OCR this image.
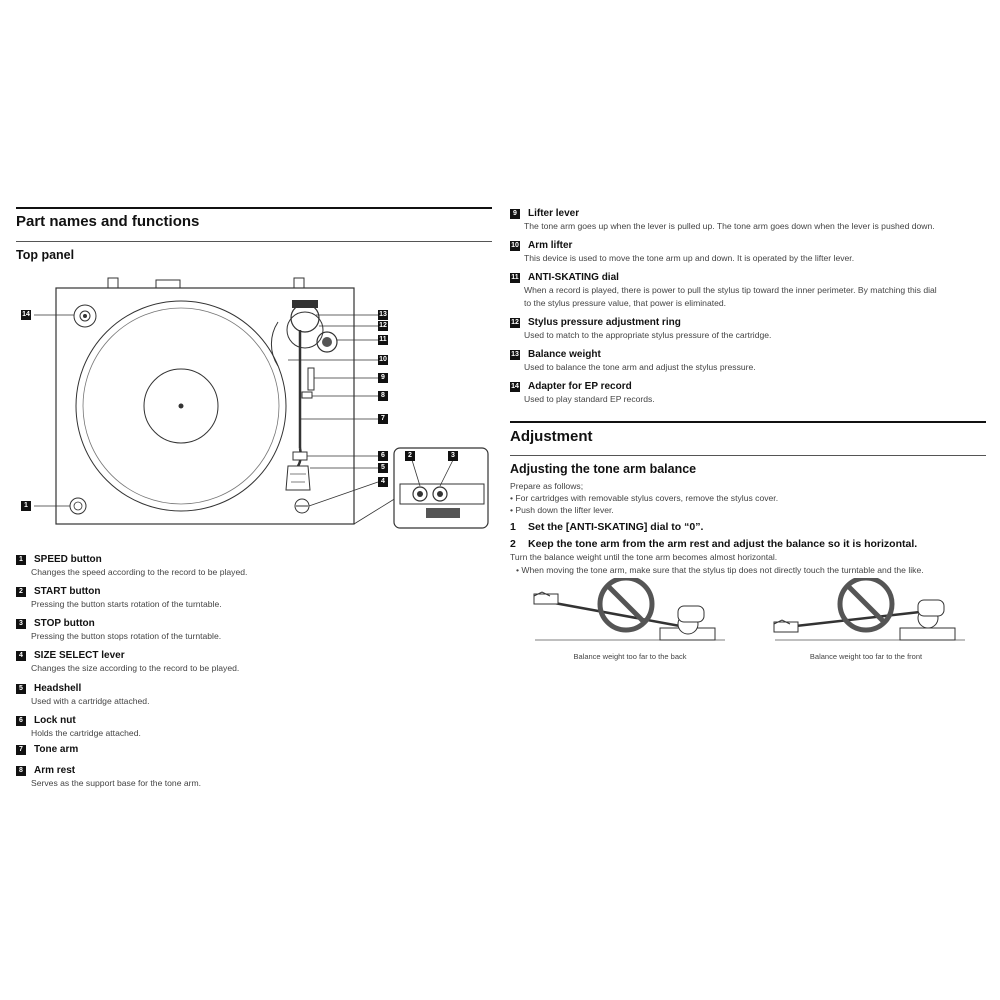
Part names and functions
Top panel
14
1
13
12
11
10
9
8
7
6
5
4
2	3
1	SPEED button
Changes the speed according to the record to be played.
2	START button
Pressing the button starts rotation of the turntable.
3	STOP button
Pressing the button stops rotation of the turntable.
4	SIZE SELECT lever
Changes the size according to the record to be played.
5	Headshell
Used with a cartridge attached.
6	Lock nut
Holds the cartridge attached.
7	Tone arm
8	Arm rest
Serves as the support base for the tone arm.
9	Lifter lever
The tone arm goes up when the lever is pulled up. The tone arm goes down when the lever is pushed down.
10 Arm lifter
This device is used to move the tone arm up and down. It is operated by the lifter lever.
11 ANTI-SKATING dial
When a record is played, there is power to pull the stylus tip toward the inner perimeter. By matching this dial
to the stylus pressure value, that power is eliminated.
12 Stylus pressure adjustment ring
Used to match to the appropriate stylus pressure of the cartridge.
13 Balance weight
Used to balance the tone arm and adjust the stylus pressure.
14 Adapter for EP record
Used to play standard EP records.
Adjustment
Adjusting the tone arm balance
Prepare as follows;
• For cartridges with removable stylus covers, remove the stylus cover.
• Push down the lifter lever.
1 Set the [ANTI-SKATING] dial to “0”.
2 Keep the tone arm from the arm rest and adjust the balance so it is horizontal.
Turn the balance weight until the tone arm becomes almost horizontal.
• When moving the tone arm, make sure that the stylus tip does not directly touch the turntable and the like.
Balance weight too far to the back	Balance weight too far to the front
